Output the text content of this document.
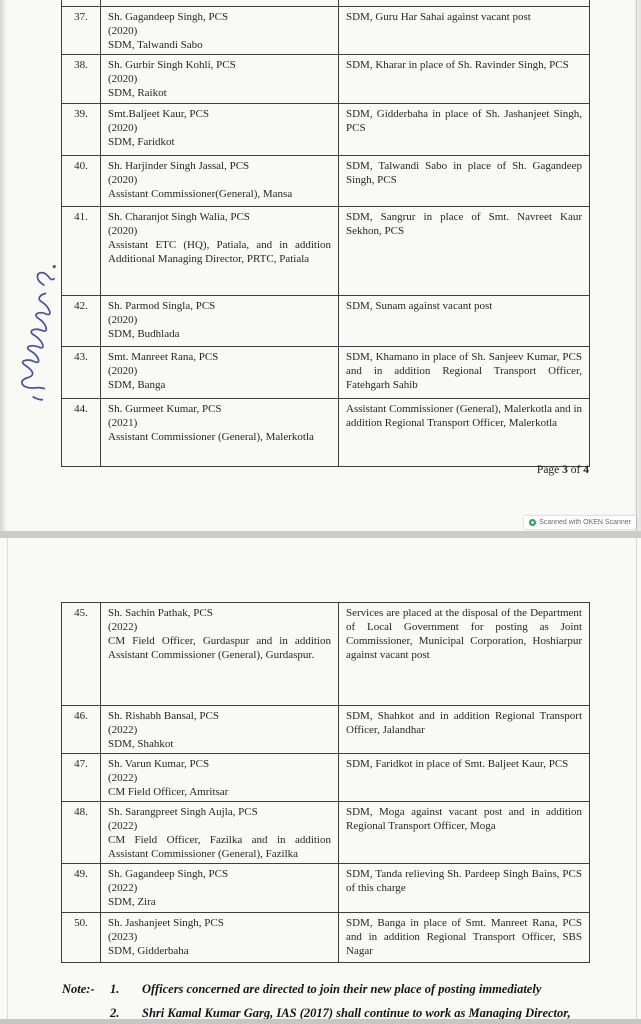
37.	Sh. Gagandeep Singh, PCS
(2020)
SDM, Talwandi Sabo	SDM, Guru Har Sahai against vacant post

38.	Sh. Gurbir Singh Kohli, PCS
(2020)
SDM, Raikot	SDM, Kharar in place of Sh. Ravinder Singh, PCS

39.	Smt.Baljeet Kaur, PCS
(2020)
SDM, Faridkot	SDM, Gidderbaha in place of Sh. Jashanjeet Singh, PCS

40.	Sh. Harjinder Singh Jassal, PCS
(2020)
Assistant Commissioner(General), Mansa	SDM, Talwandi Sabo in place of Sh. Gagandeep Singh, PCS

41.	Sh. Charanjot Singh Walia, PCS
(2020)
Assistant ETC (HQ), Patiala, and in addition Additional Managing Director, PRTC, Patiala	SDM, Sangrur in place of Smt. Navreet Kaur Sekhon, PCS

42.	Sh. Parmod Singla, PCS
(2020)
SDM, Budhlada	SDM, Sunam against vacant post

43.	Smt. Manreet Rana, PCS
(2020)
SDM, Banga	SDM, Khamano in place of Sh. Sanjeev Kumar, PCS and in addition Regional Transport Officer, Fatehgarh Sahib

44.	Sh. Gurmeet Kumar, PCS
(2021)
Assistant Commissioner (General), Malerkotla	Assistant Commissioner (General), Malerkotla and in addition Regional Transport Officer, Malerkotla
Page 3 of 4
Scanned with OKEN Scanner
45.	Sh. Sachin Pathak, PCS
(2022)
CM Field Officer, Gurdaspur and in addition Assistant Commissioner (General), Gurdaspur.	Services are placed at the disposal of the Department of Local Government for posting as Joint Commissioner, Municipal Corporation, Hoshiarpur against vacant post

46.	Sh. Rishabh Bansal, PCS
(2022)
SDM, Shahkot	SDM, Shahkot and in addition Regional Transport Officer, Jalandhar

47.	Sh. Varun Kumar, PCS
(2022)
CM Field Officer, Amritsar	SDM, Faridkot in place of Smt. Baljeet Kaur, PCS

48.	Sh. Sarangpreet Singh Aujla, PCS
(2022)
CM Field Officer, Fazilka and in addition Assistant Commissioner (General), Fazilka	SDM, Moga against vacant post and in addition Regional Transport Officer, Moga

49.	Sh. Gagandeep Singh, PCS
(2022)
SDM, Zira	SDM, Tanda relieving Sh. Pardeep Singh Bains, PCS of this charge

50.	Sh. Jashanjeet Singh, PCS
(2023)
SDM, Gidderbaha	SDM, Banga in place of Smt. Manreet Rana, PCS and in addition Regional Transport Officer, SBS Nagar
Note:-	1.	Officers concerned are directed to join their new place of posting immediately
2.	Shri Kamal Kumar Garg, IAS (2017) shall continue to work as Managing Director,
